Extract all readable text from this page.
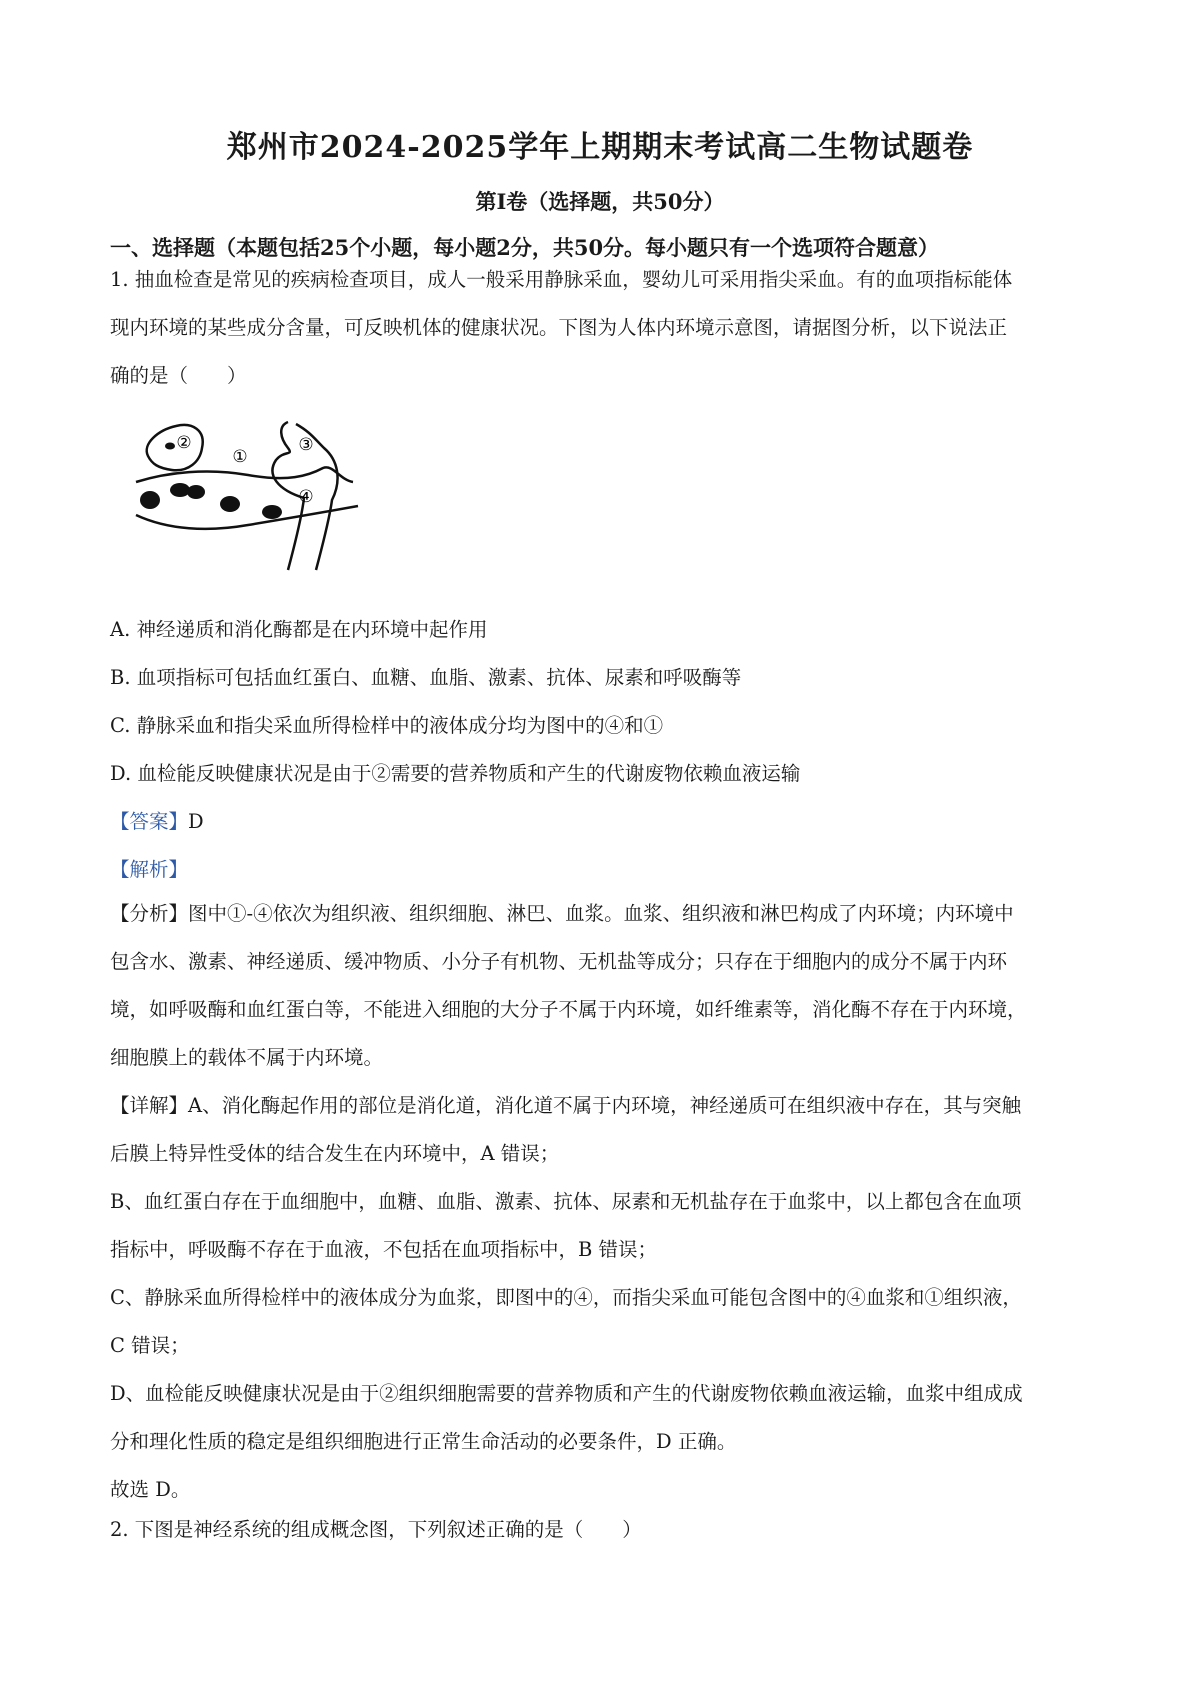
郑州市2024-2025学年上期期末考试高二生物试题卷
第I卷（选择题，共50分）
一、选择题（本题包括25个小题，每小题2分，共50分。每小题只有一个选项符合题意）
1. 抽血检查是常见的疾病检查项目，成人一般采用静脉采血，婴幼儿可采用指尖采血。有的血项指标能体
现内环境的某些成分含量，可反映机体的健康状况。下图为人体内环境示意图，请据图分析，以下说法正
确的是（　　）
①
②	③
④
A. 神经递质和消化酶都是在内环境中起作用
B. 血项指标可包括血红蛋白、血糖、血脂、激素、抗体、尿素和呼吸酶等
C. 静脉采血和指尖采血所得检样中的液体成分均为图中的④和①
D. 血检能反映健康状况是由于②需要的营养物质和产生的代谢废物依赖血液运输
【答案】D
【解析】
【分析】图中①-④依次为组织液、组织细胞、淋巴、血浆。血浆、组织液和淋巴构成了内环境；内环境中
包含水、激素、神经递质、缓冲物质、小分子有机物、无机盐等成分；只存在于细胞内的成分不属于内环
境，如呼吸酶和血红蛋白等，不能进入细胞的大分子不属于内环境，如纤维素等，消化酶不存在于内环境，
细胞膜上的载体不属于内环境。
【详解】A、消化酶起作用的部位是消化道，消化道不属于内环境，神经递质可在组织液中存在，其与突触
后膜上特异性受体的结合发生在内环境中，A 错误；
B、血红蛋白存在于血细胞中，血糖、血脂、激素、抗体、尿素和无机盐存在于血浆中，以上都包含在血项
指标中，呼吸酶不存在于血液，不包括在血项指标中，B 错误；
C、静脉采血所得检样中的液体成分为血浆，即图中的④，而指尖采血可能包含图中的④血浆和①组织液，
C 错误；
D、血检能反映健康状况是由于②组织细胞需要的营养物质和产生的代谢废物依赖血液运输，血浆中组成成
分和理化性质的稳定是组织细胞进行正常生命活动的必要条件，D 正确。
故选 D。
2. 下图是神经系统的组成概念图，下列叙述正确的是（　　）
